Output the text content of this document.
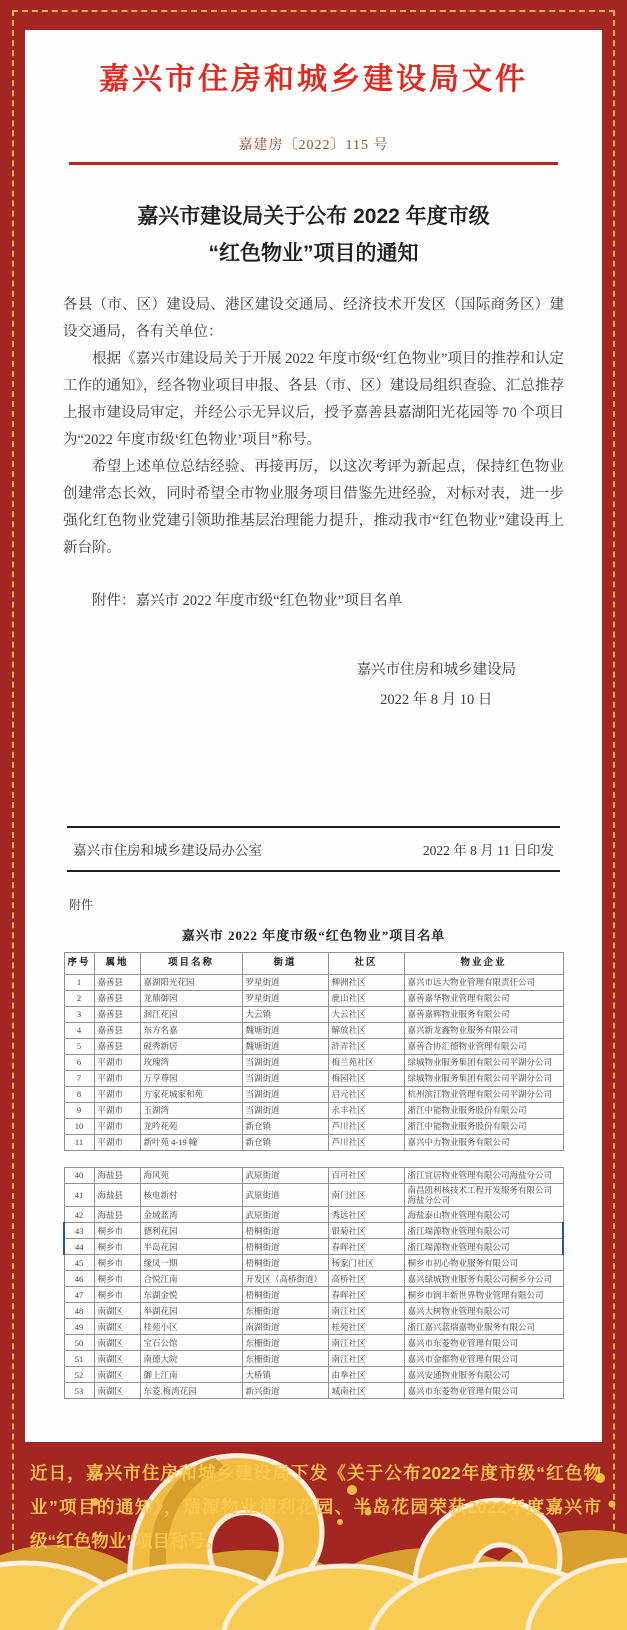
嘉兴市住房和城乡建设局文件
嘉建房〔2022〕115 号
嘉兴市建设局关于公布 2022 年度市级
“红色物业”项目的通知

各县（市、区）建设局、港区建设交通局、经济技术开发区（国际商务区）建设交通局，各有关单位：

根据《嘉兴市建设局关于开展 2022 年度市级“红色物业”项目的推荐和认定工作的通知》，经各物业项目申报、各县（市、区）建设局组织查验、汇总推荐上报市建设局审定，并经公示无异议后，授予嘉善县嘉湖阳光花园等 70 个项目为“2022 年度市级‘红色物业’项目”称号。

希望上述单位总结经验、再接再厉，以这次考评为新起点，保持红色物业创建常态长效，同时希望全市物业服务项目借鉴先进经验，对标对表，进一步强化红色物业党建引领助推基层治理能力提升，推动我市“红色物业”建设再上新台阶。

附件：嘉兴市 2022 年度市级“红色物业”项目名单

嘉兴市住房和城乡建设局
2022 年 8 月 10 日
嘉兴市住房和城乡建设局办公室	2022 年 8 月 11 日印发
附件
嘉兴市 2022 年度市级“红色物业”项目名单
序号	属地	项目名称	街道	社区	物业企业
1	嘉善县	嘉湖阳光花园	罗星街道	柳洲社区	嘉兴市远大物业管理有限责任公司
2	嘉善县	龙鼎御园	罗星街道	鹿山社区	嘉善嘉华物业管理有限公司
3	嘉善县	洄江花园	大云镇	大云社区	嘉善嘉辉物业服务有限公司
4	嘉善县	东方名嘉	魏塘街道	解放社区	嘉兴新龙鑫物业服务有限公司
5	嘉善县	砚秀新居	魏塘街道	浒弄社区	嘉善合协汇德物业管理有限公司
6	平湖市	玫瑰湾	当湖街道	梅兰苑社区	绿城物业服务集团有限公司平湖分公司
7	平湖市	万亨尊园	当湖街道	梅园社区	绿城物业服务集团有限公司平湖分公司
8	平湖市	方家花城家和苑	当湖街道	启元社区	杭州滨江物业管理有限公司平湖分公司
9	平湖市	玉湖湾	当湖街道	永丰社区	浙江中能物业服务股份有限公司
10	平湖市	龙吟花苑	新仓镇	芦川社区	浙江中能物业服务股份有限公司
11	平湖市	新叶苑 4-19 幢	新仓镇	芦川社区	嘉兴中力物业服务有限公司
40	海盐县	海风苑	武原街道	百可社区	浙江宜居物业管理有限公司海盐分公司
41	海盐县	核电新村	武原街道	南门社区	南昌凯利核技术工程开发服务有限公司海盐分公司
42	海盐县	金域蓝湾	武原街道	秀远社区	海盐泰山物业管理有限公司
43	桐乡市	德利花园	梧桐街道	银菊社区	浙江瑞源物业管理有限公司
44	桐乡市	半岛花园	梧桐街道	春晖社区	浙江瑞源物业管理有限公司
45	桐乡市	缘凤一期	梧桐街道	杨家门社区	桐乡市初心物业服务有限公司
46	桐乡市	合悦江南	开发区（高桥街道）	高桥社区	嘉兴绿城物业服务有限公司桐乡分公司
47	桐乡市	东湖金悦	梧桐街道	春晖社区	桐乡市润丰新世界物业管理有限公司
48	南湖区	举湖花园	东栅街道	南江社区	嘉兴大树物业管理有限公司
49	南湖区	桂苑小区	南湖街道	桂苑社区	浙江嘉兴蓝瑞嘉物业服务有限公司
50	南湖区	宝石公馆	东栅街道	南江社区	嘉兴市东菱物业管理有限公司
51	南湖区	南德大院	东栅街道	南江社区	嘉兴市金都物业管理有限公司
52	南湖区	御上江南	大桥镇	由拳社区	嘉兴安通物业服务有限公司
53	南湖区	东菱.梅湾花园	新兴街道	城南社区	嘉兴市东菱物业管理有限公司
近日，嘉兴市住房和城乡建设局下发《关于公布2022年度市级“红色物业”项目的通知》，瑞源物业德利花园、半岛花园荣获2022年度嘉兴市级“红色物业”项目称号。
